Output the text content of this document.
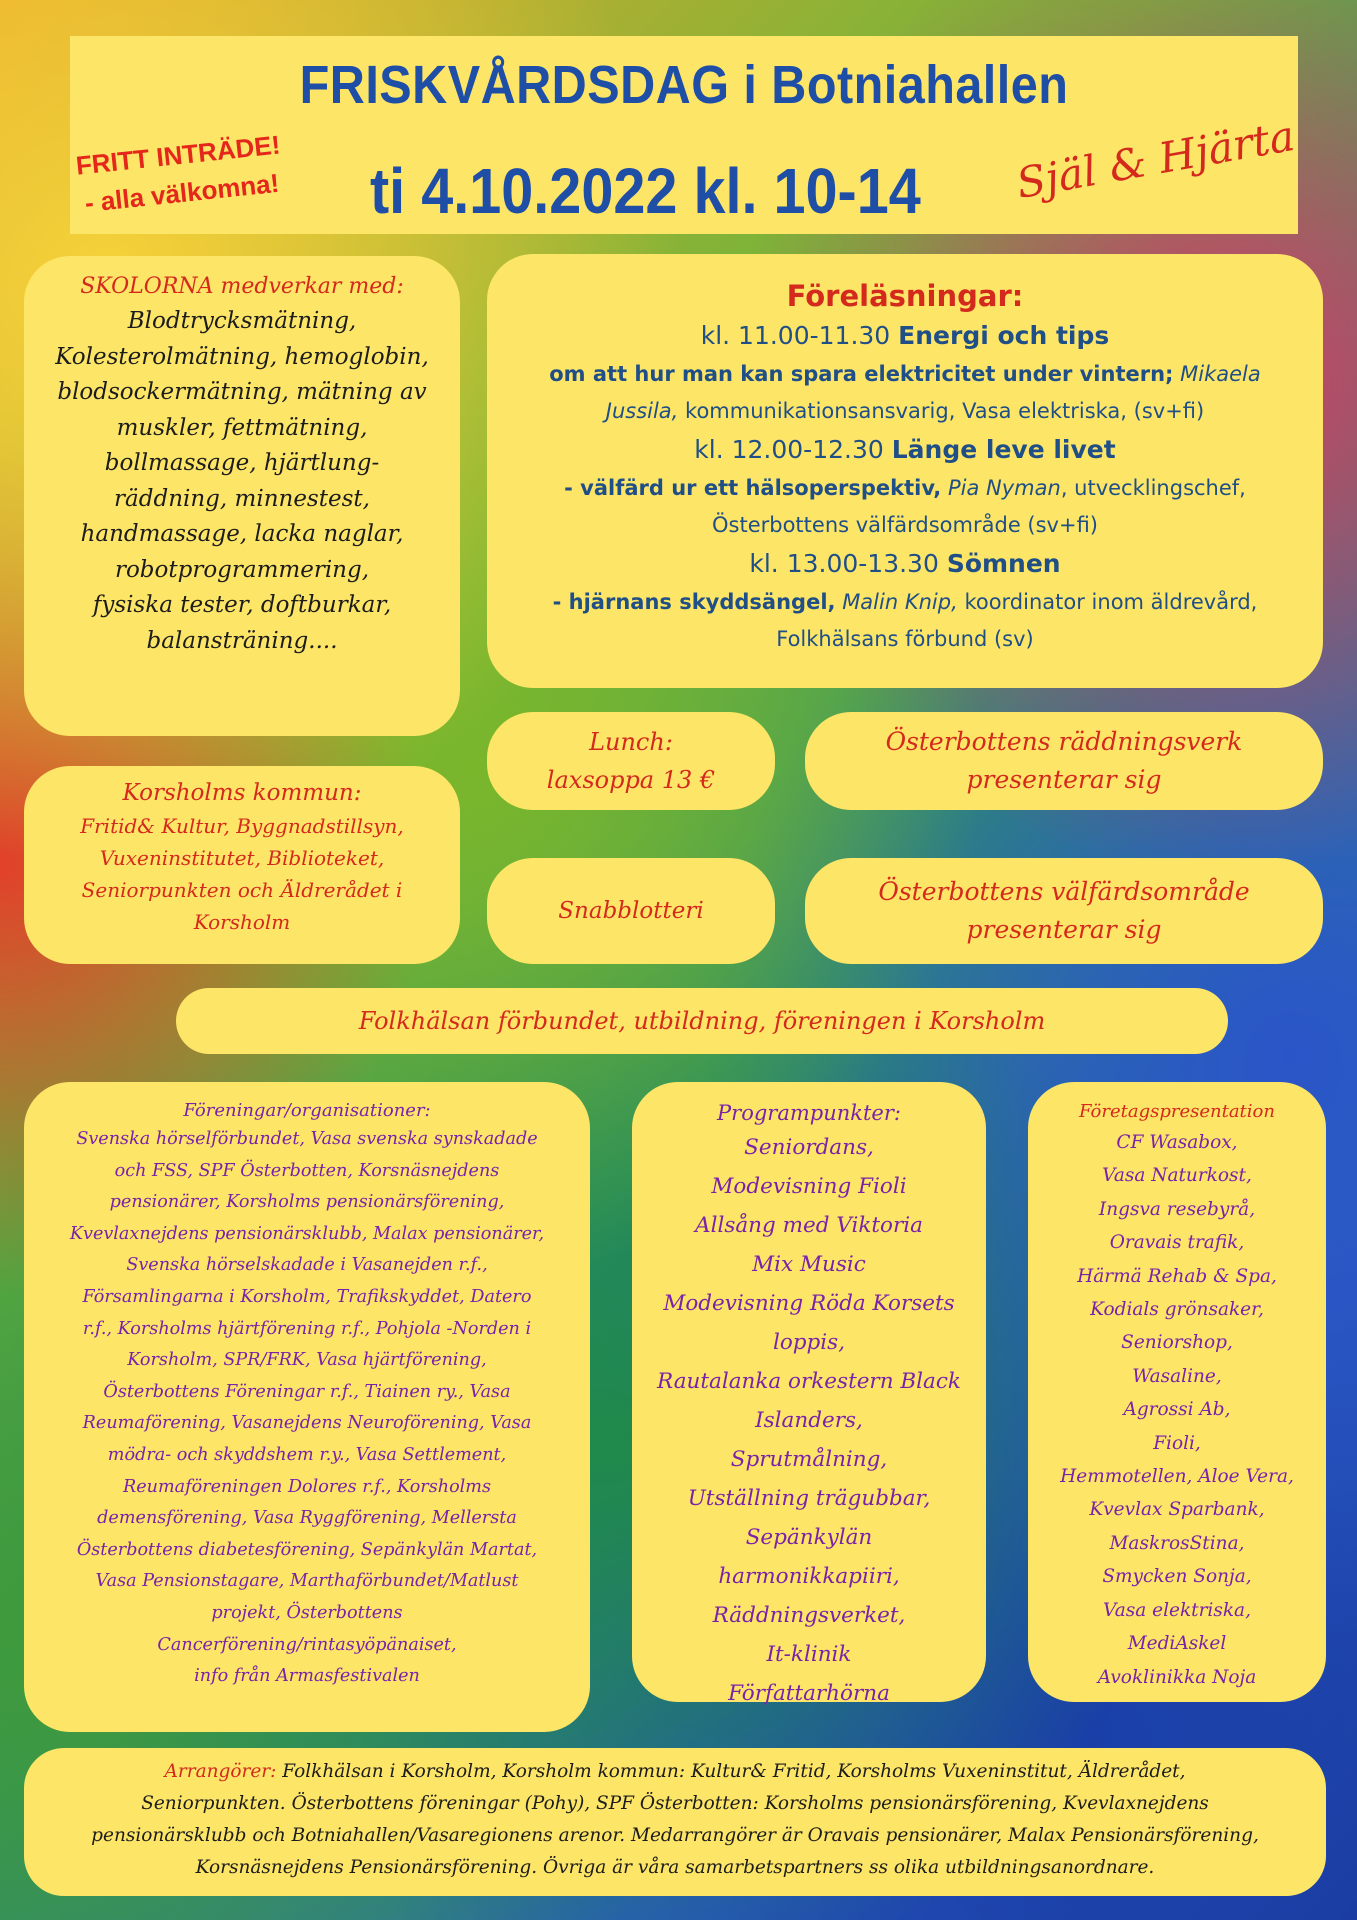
FRISKVÅRDSDAG i Botniahallen
ti 4.10.2022 kl. 10-14
FRITT INTRÄDE!
- alla välkomna!	Själ & Hjärta
SKOLORNA medverkar med:
Blodtrycksmätning,
Kolesterolmätning, hemoglobin,
blodsockermätning, mätning av
muskler, fettmätning,
bollmassage, hjärtlung-
räddning, minnestest,
handmassage, lacka naglar,
robotprogrammering,
fysiska tester, doftburkar,
balansträning....
Föreläsningar:
kl. 11.00-11.30 Energi och tips
om att hur man kan spara elektricitet under vintern; Mikaela Jussila, kommunikationsansvarig, Vasa elektriska, (sv+fi)
kl. 12.00-12.30 Länge leve livet
- välfärd ur ett hälsoperspektiv, Pia Nyman, utvecklingschef, Österbottens välfärdsområde (sv+fi)
kl. 13.00-13.30 Sömnen
- hjärnans skyddsängel, Malin Knip, koordinator inom äldrevård, Folkhälsans förbund (sv)
Lunch:
laxsoppa 13 €
Österbottens räddningsverk
presenterar sig
Korsholms kommun:
Fritid& Kultur, Byggnadstillsyn,
Vuxeninstitutet, Biblioteket,
Seniorpunkten och Äldrerådet i
Korsholm	Snabblotteri
Österbottens välfärdsområde
presenterar sig
Folkhälsan förbundet, utbildning, föreningen i Korsholm
Föreningar/organisationer:
Svenska hörselförbundet, Vasa svenska synskadade
och FSS, SPF Österbotten, Korsnäsnejdens
pensionärer, Korsholms pensionärsförening,
Kvevlaxnejdens pensionärsklubb, Malax pensionärer,
Svenska hörselskadade i Vasanejden r.f.,
Församlingarna i Korsholm, Trafikskyddet, Datero
r.f., Korsholms hjärtförening r.f., Pohjola -Norden i
Korsholm, SPR/FRK, Vasa hjärtförening,
Österbottens Föreningar r.f., Tiainen ry., Vasa
Reumaförening, Vasanejdens Neuroförening, Vasa
mödra- och skyddshem r.y., Vasa Settlement,
Reumaföreningen Dolores r.f., Korsholms
demensförening, Vasa Ryggförening, Mellersta
Österbottens diabetesförening, Sepänkylän Martat,
Vasa Pensionstagare, Marthaförbundet/Matlust
projekt, Österbottens
Cancerförening/rintasyöpänaiset,
info från Armasfestivalen
Programpunkter:
Seniordans,
Modevisning Fioli
Allsång med Viktoria
Mix Music
Modevisning Röda Korsets
loppis,
Rautalanka orkestern Black
Islanders,
Sprutmålning,
Utställning trägubbar,
Sepänkylän
harmonikkapiiri,
Räddningsverket,
It-klinik
Författarhörna
Företagspresentation
CF Wasabox,
Vasa Naturkost,
Ingsva resebyrå,
Oravais trafik,
Härmä Rehab & Spa,
Kodials grönsaker,
Seniorshop,
Wasaline,
Agrossi Ab,
Fioli,
Hemmotellen, Aloe Vera,
Kvevlax Sparbank,
MaskrosStina,
Smycken Sonja,
Vasa elektriska,
MediAskel
Avoklinikka Noja
Arrangörer: Folkhälsan i Korsholm, Korsholm kommun: Kultur& Fritid, Korsholms Vuxeninstitut, Äldrerådet,
Seniorpunkten. Österbottens föreningar (Pohy), SPF Österbotten: Korsholms pensionärsförening, Kvevlaxnejdens
pensionärsklubb och Botniahallen/Vasaregionens arenor. Medarrangörer är Oravais pensionärer, Malax Pensionärsförening,
Korsnäsnejdens Pensionärsförening. Övriga är våra samarbetspartners ss olika utbildningsanordnare.
